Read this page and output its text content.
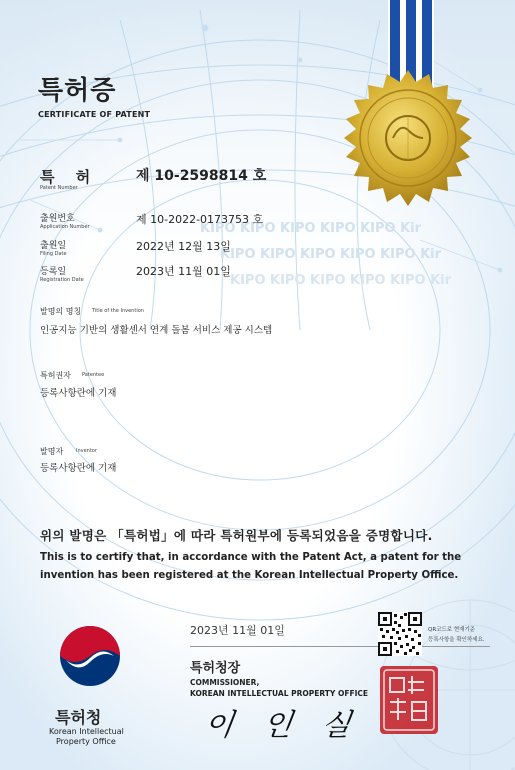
KIPO KIPO KIPO KIPO KIPO Kir
KIPO KIPO KIPO KIPO KIPO Kir
KIPO KIPO KIPO KIPO KIPO Kir
특허증
CERTIFICATE OF PATENT
특 허
Patent Number
제 10-2598814 호
출원번호
Application Number
제 10-2022-0173753 호
출원일
Filing Date
2022년 12월 13일
등록일
Registration Date
2023년 11월 01일
발명의 명칭 Title of the Invention
인공지능 기반의 생활센서 연계 돌봄 서비스 제공 시스템
특허권자 Patentee
등록사항란에 기재
발명자	Inventor
등록사항란에 기재
위의 발명은 「특허법」에 따라 특허원부에 등록되었음을 증명합니다.
This is to certify that, in accordance with the Patent Act, a patent for the
invention has been registered at the Korean Intellectual Property Office.
특허청
Korean Intellectual
Property Office
2023년 11월 01일
특허청장
COMMISSIONER,
KOREAN INTELLECTUAL PROPERTY OFFICE
이 인 실
QR코드로 현재기준
등록사항을 확인하세요.
